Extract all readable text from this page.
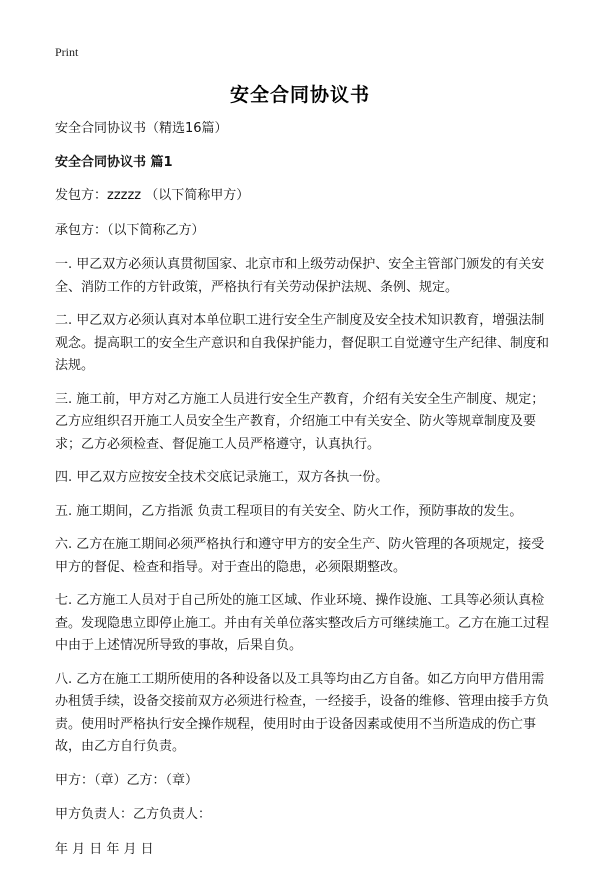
Print
安全合同协议书

安全合同协议书（精选16篇）

安全合同协议书 篇1

发包方：zzzzz （以下简称甲方）

承包方：（以下简称乙方）

一. 甲乙双方必须认真贯彻国家、北京市和上级劳动保护、安全主管部门颁发的有关安全、消防工作的方针政策，严格执行有关劳动保护法规、条例、规定。

二. 甲乙双方必须认真对本单位职工进行安全生产制度及安全技术知识教育，增强法制观念。提高职工的安全生产意识和自我保护能力，督促职工自觉遵守生产纪律、制度和法规。

三. 施工前，甲方对乙方施工人员进行安全生产教育，介绍有关安全生产制度、规定；乙方应组织召开施工人员安全生产教育，介绍施工中有关安全、防火等规章制度及要求；乙方必须检查、督促施工人员严格遵守，认真执行。

四. 甲乙双方应按安全技术交底记录施工，双方各执一份。

五. 施工期间，乙方指派 负责工程项目的有关安全、防火工作，预防事故的发生。

六. 乙方在施工期间必须严格执行和遵守甲方的安全生产、防火管理的各项规定，接受甲方的督促、检查和指导。对于查出的隐患，必须限期整改。

七. 乙方施工人员对于自己所处的施工区域、作业环境、操作设施、工具等必须认真检查。发现隐患立即停止施工。并由有关单位落实整改后方可继续施工。乙方在施工过程中由于上述情况所导致的事故，后果自负。

八. 乙方在施工工期所使用的各种设备以及工具等均由乙方自备。如乙方向甲方借用需办租赁手续，设备交接前双方必须进行检查，一经接手，设备的维修、管理由接手方负责。使用时严格执行安全操作规程，使用时由于设备因素或使用不当所造成的伤亡事故，由乙方自行负责。

甲方：（章）乙方：（章）

甲方负责人：乙方负责人：

年 月 日 年 月 日
